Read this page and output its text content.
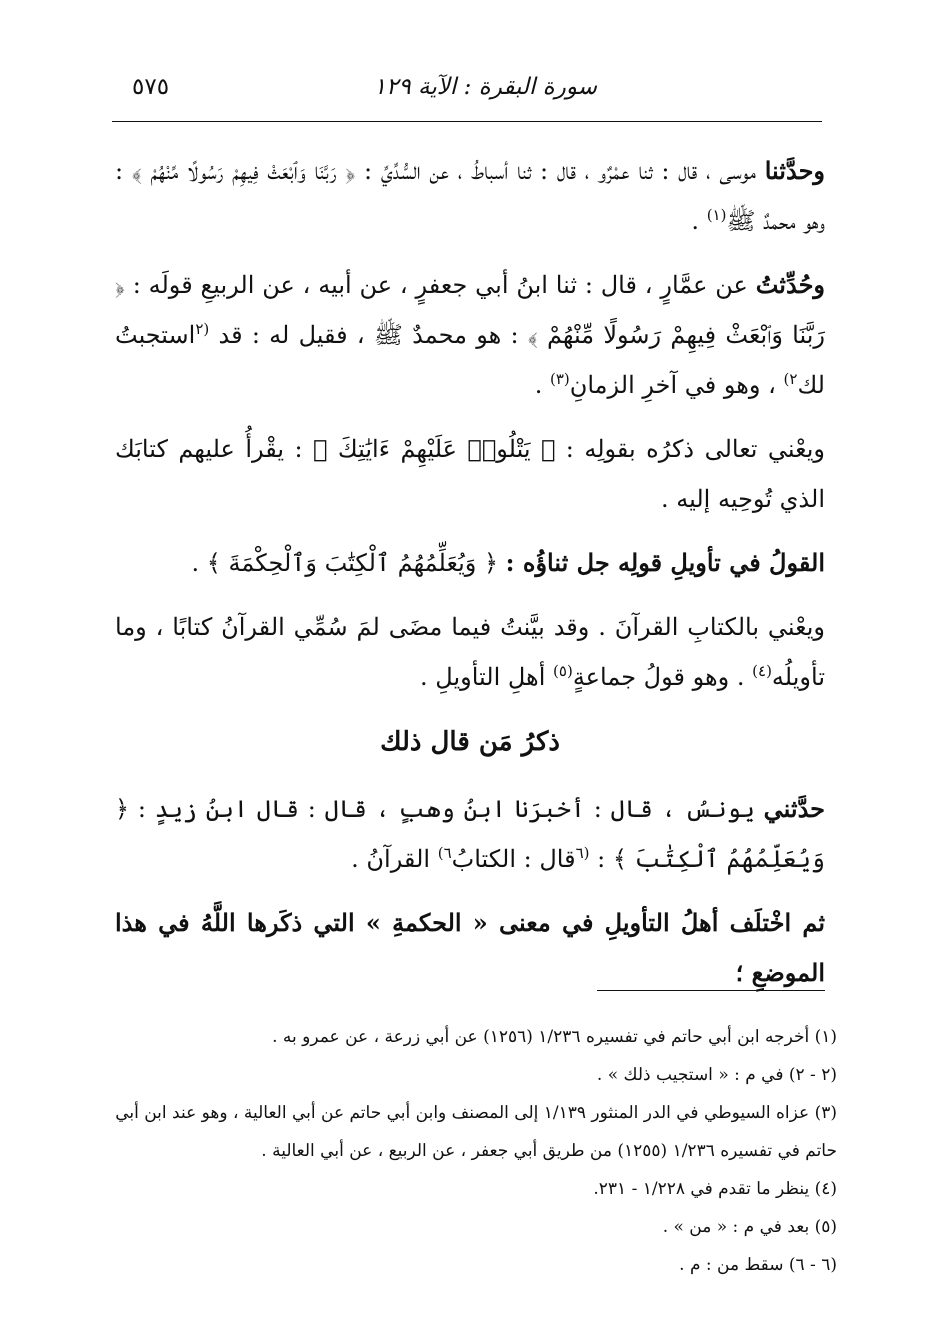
٥٧٥	سورة البقرة : الآية ١٢٩

وحدَّثنا موسى ، قال : ثنا عمْرٌو ، قال : ثنا أسباطُ ، عن السُّدِّيِّ : ﴿ رَبَّنَا وَٱبْعَثْ فِيهِمْ رَسُولًا مِّنْهُمْ ﴾ : وهو محمدٌ ﷺ$^{(١)}$ .

وحُدِّثتُ عن عمَّارٍ ، قال : ثنا ابنُ أبي جعفرٍ ، عن أبيه ، عن الربيعِ قولَه : ﴿ رَبَّنَا وَٱبْعَثْ فِيهِمْ رَسُولًا مِّنْهُمْ ﴾ : هو محمدٌ ﷺ ، فقيل له : قد $^{(٢}$استجبتُ لك$^{٢)}$ ، وهو في آخرِ الزمانِ$^{(٣)}$ .

ويعْني تعالى ذكرُه بقولِه : ﴿ يَتْلُوا۟ عَلَيْهِمْ ءَايَٰتِكَ ﴾ : يقْرأُ عليهم كتابَك الذي تُوحِيه إليه .

القولُ في تأويلِ قولِه جل ثناؤُه : ﴿ وَيُعَلِّمُهُمُ ٱلْكِتَٰبَ وَٱلْحِكْمَةَ ﴾ .

ويعْني بالكتابِ القرآنَ . وقد بيَّنتُ فيما مضَى لمَ سُمِّي القرآنُ كتابًا ، وما تأويلُه$^{(٤)}$ . وهو قولُ جماعةٍ$^{(٥)}$ أهلِ التأويلِ .

ذكرُ مَن قال ذلك

حدَّثني يونسُ ، قال : أخبرَنا ابنُ وهبٍ ، قال : قال ابنُ زيدٍ : ﴿ وَيُعَلِّمُهُمُ ٱلْكِتَٰبَ ﴾ : $^{(٦}$قال : الكتابُ$^{٦)}$ القرآنُ .

ثم اخْتلَف أهلُ التأويلِ في معنى « الحكمةِ » التي ذكَرها اللَّهُ في هذا الموضعِ ؛

(١) أخرجه ابن أبي حاتم في تفسيره ١/٢٣٦ (١٢٥٦) عن أبي زرعة ، عن عمرو به .

(٢ - ٢) في م : « استجيب ذلك » .

(٣) عزاه السيوطي في الدر المنثور ١/١٣٩ إلى المصنف وابن أبي حاتم عن أبي العالية ، وهو عند ابن أبي حاتم في تفسيره ١/٢٣٦ (١٢٥٥) من طريق أبي جعفر ، عن الربيع ، عن أبي العالية .

(٤) ينظر ما تقدم في ١/٢٢٨ - ٢٣١.

(٥) بعد في م : « من » .

(٦ - ٦) سقط من : م .
